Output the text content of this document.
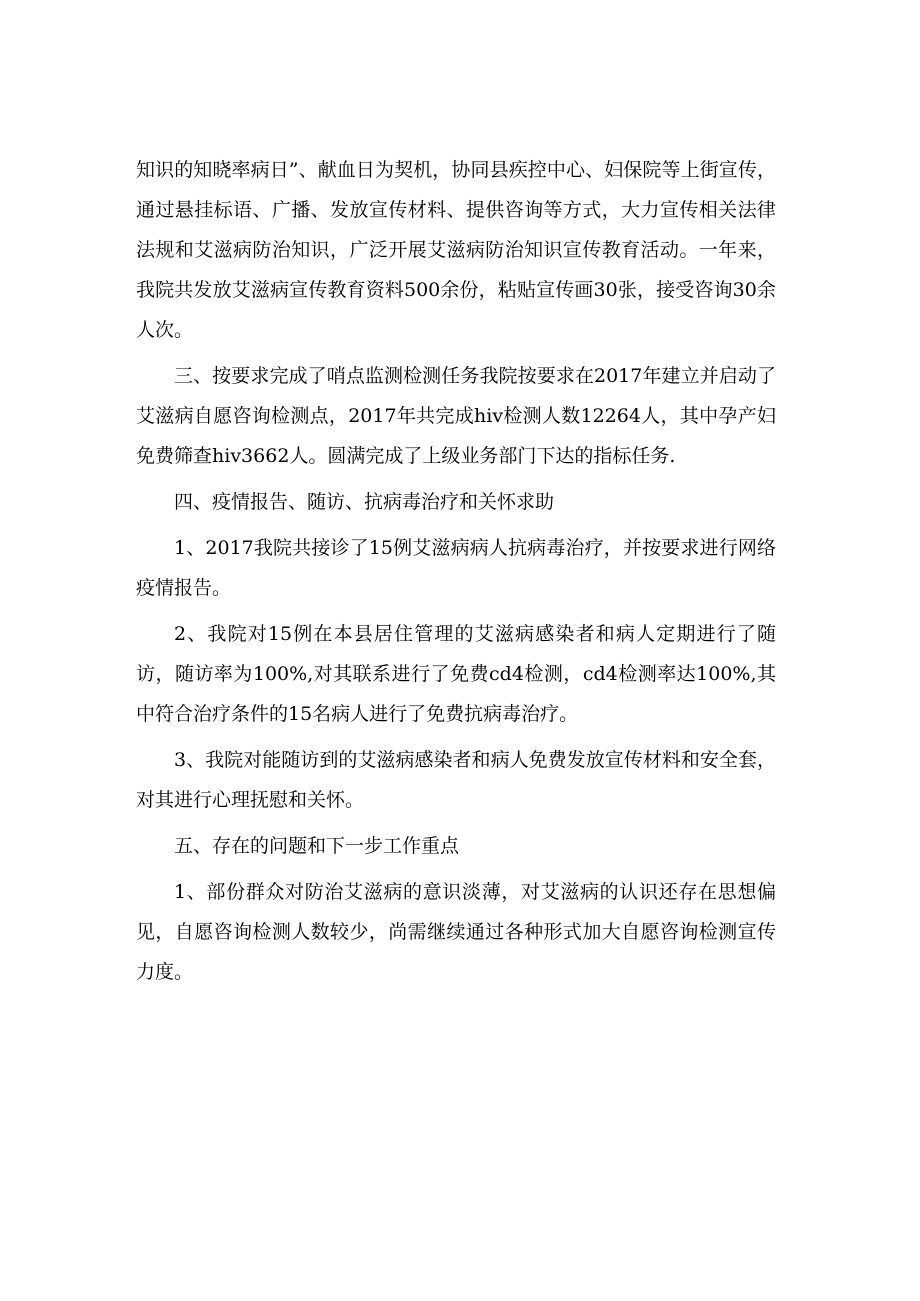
知识的知晓率病日”、献血日为契机，协同县疾控中心、妇保院等上街宣传，通过悬挂标语、广播、发放宣传材料、提供咨询等方式，大力宣传相关法律法规和艾滋病防治知识，广泛开展艾滋病防治知识宣传教育活动。一年来，我院共发放艾滋病宣传教育资料500余份，粘贴宣传画30张，接受咨询30余人次。

三、按要求完成了哨点监测检测任务我院按要求在2017年建立并启动了艾滋病自愿咨询检测点，2017年共完成hiv检测人数12264人，其中孕产妇免费筛查hiv3662人。圆满完成了上级业务部门下达的指标任务.

四、疫情报告、随访、抗病毒治疗和关怀求助

1、2017我院共接诊了15例艾滋病病人抗病毒治疗，并按要求进行网络疫情报告。

2、我院对15例在本县居住管理的艾滋病感染者和病人定期进行了随访，随访率为100%,对其联系进行了免费cd4检测，cd4检测率达100%,其中符合治疗条件的15名病人进行了免费抗病毒治疗。

3、我院对能随访到的艾滋病感染者和病人免费发放宣传材料和安全套，对其进行心理抚慰和关怀。

五、存在的问题和下一步工作重点

1、部份群众对防治艾滋病的意识淡薄，对艾滋病的认识还存在思想偏见，自愿咨询检测人数较少，尚需继续通过各种形式加大自愿咨询检测宣传力度。
